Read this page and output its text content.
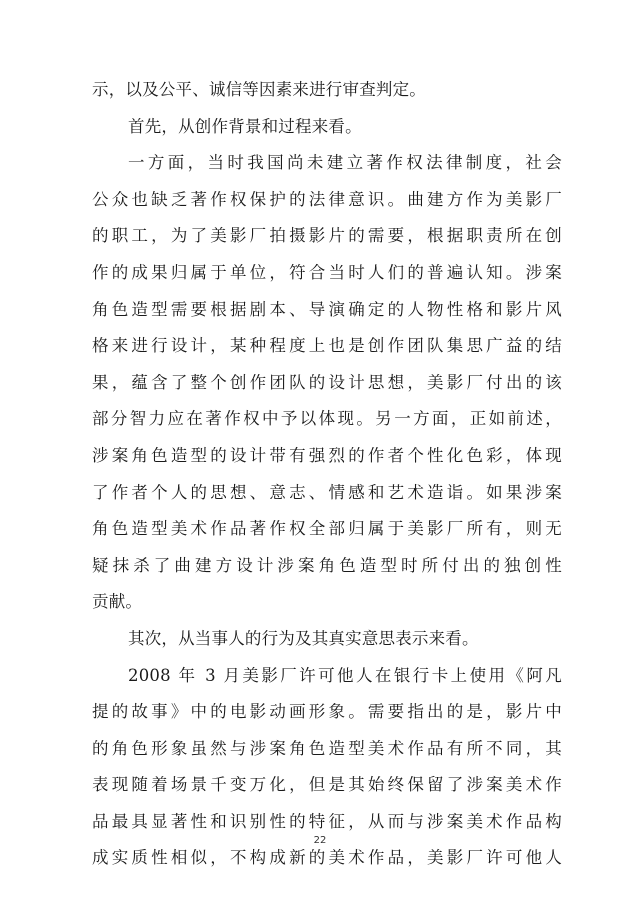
示，以及公平、诚信等因素来进行审查判定。
首先，从创作背景和过程来看。
一方面，当时我国尚未建立著作权法律制度，社会
公众也缺乏著作权保护的法律意识。曲建方作为美影厂
的职工，为了美影厂拍摄影片的需要，根据职责所在创
作的成果归属于单位，符合当时人们的普遍认知。涉案
角色造型需要根据剧本、导演确定的人物性格和影片风
格来进行设计，某种程度上也是创作团队集思广益的结
果，蕴含了整个创作团队的设计思想，美影厂付出的该
部分智力应在著作权中予以体现。另一方面，正如前述，
涉案角色造型的设计带有强烈的作者个性化色彩，体现
了作者个人的思想、意志、情感和艺术造诣。如果涉案
角色造型美术作品著作权全部归属于美影厂所有，则无
疑抹杀了曲建方设计涉案角色造型时所付出的独创性
贡献。
其次，从当事人的行为及其真实意思表示来看。
2008 年 3 月美影厂许可他人在银行卡上使用《阿凡
提的故事》中的电影动画形象。需要指出的是，影片中
的角色形象虽然与涉案角色造型美术作品有所不同，其
表现随着场景千变万化，但是其始终保留了涉案美术作
品最具显著性和识别性的特征，从而与涉案美术作品构
成实质性相似，不构成新的美术作品，美影厂许可他人
22
